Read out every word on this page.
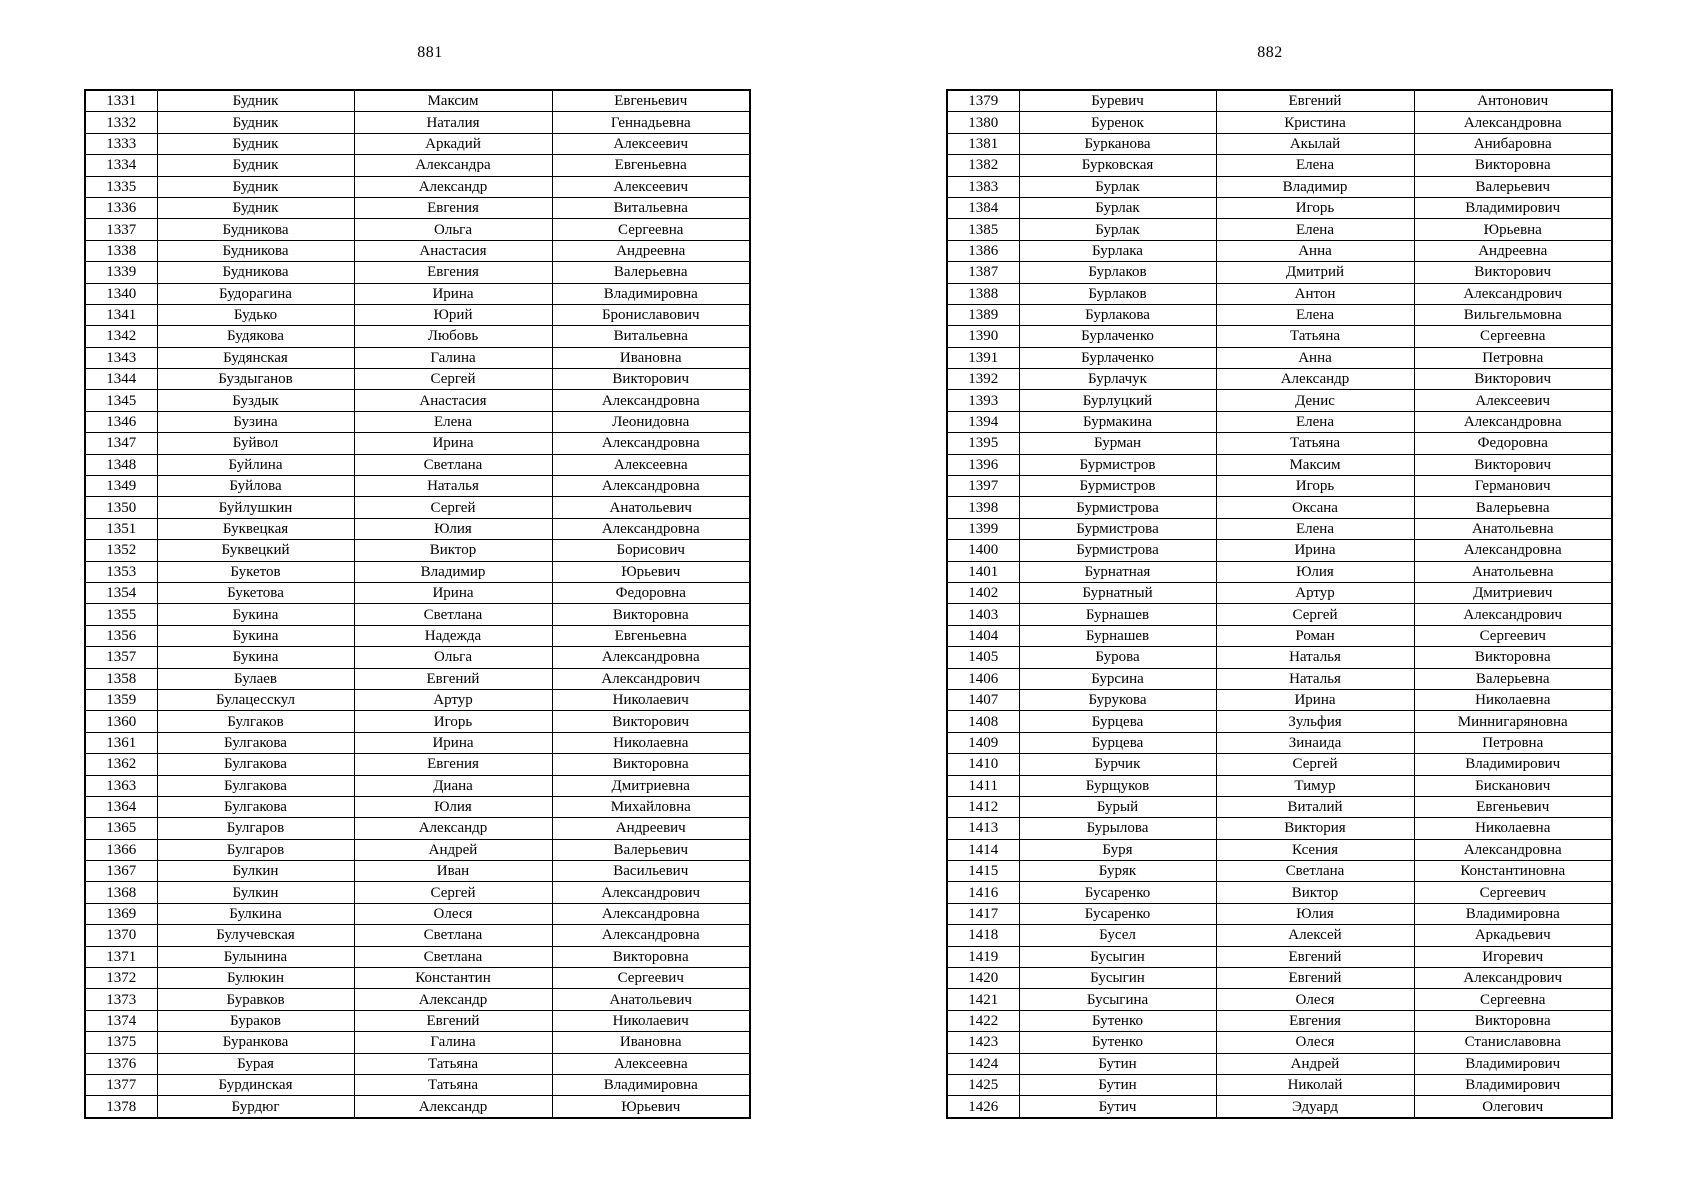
881
1331	Будник	Максим	Евгеньевич
1332	Будник	Наталия	Геннадьевна
1333	Будник	Аркадий	Алексеевич
1334	Будник	Александра	Евгеньевна
1335	Будник	Александр	Алексеевич
1336	Будник	Евгения	Витальевна
1337	Будникова	Ольга	Сергеевна
1338	Будникова	Анастасия	Андреевна
1339	Будникова	Евгения	Валерьевна
1340	Будорагина	Ирина	Владимировна
1341	Будько	Юрий	Брониславович
1342	Будякова	Любовь	Витальевна
1343	Будянская	Галина	Ивановна
1344	Буздыганов	Сергей	Викторович
1345	Буздык	Анастасия	Александровна
1346	Бузина	Елена	Леонидовна
1347	Буйвол	Ирина	Александровна
1348	Буйлина	Светлана	Алексеевна
1349	Буйлова	Наталья	Александровна
1350	Буйлушкин	Сергей	Анатольевич
1351	Буквецкая	Юлия	Александровна
1352	Буквецкий	Виктор	Борисович
1353	Букетов	Владимир	Юрьевич
1354	Букетова	Ирина	Федоровна
1355	Букина	Светлана	Викторовна
1356	Букина	Надежда	Евгеньевна
1357	Букина	Ольга	Александровна
1358	Булаев	Евгений	Александрович
1359	Булацесскул	Артур	Николаевич
1360	Булгаков	Игорь	Викторович
1361	Булгакова	Ирина	Николаевна
1362	Булгакова	Евгения	Викторовна
1363	Булгакова	Диана	Дмитриевна
1364	Булгакова	Юлия	Михайловна
1365	Булгаров	Александр	Андреевич
1366	Булгаров	Андрей	Валерьевич
1367	Булкин	Иван	Васильевич
1368	Булкин	Сергей	Александрович
1369	Булкина	Олеся	Александровна
1370	Булучевская	Светлана	Александровна
1371	Булынина	Светлана	Викторовна
1372	Булюкин	Константин	Сергеевич
1373	Буравков	Александр	Анатольевич
1374	Бураков	Евгений	Николаевич
1375	Буранкова	Галина	Ивановна
1376	Бурая	Татьяна	Алексеевна
1377	Бурдинская	Татьяна	Владимировна
1378	Бурдюг	Александр	Юрьевич
882
1379	Буревич	Евгений	Антонович
1380	Буренок	Кристина	Александровна
1381	Бурканова	Акылай	Анибаровна
1382	Бурковская	Елена	Викторовна
1383	Бурлак	Владимир	Валерьевич
1384	Бурлак	Игорь	Владимирович
1385	Бурлак	Елена	Юрьевна
1386	Бурлака	Анна	Андреевна
1387	Бурлаков	Дмитрий	Викторович
1388	Бурлаков	Антон	Александрович
1389	Бурлакова	Елена	Вильгельмовна
1390	Бурлаченко	Татьяна	Сергеевна
1391	Бурлаченко	Анна	Петровна
1392	Бурлачук	Александр	Викторович
1393	Бурлуцкий	Денис	Алексеевич
1394	Бурмакина	Елена	Александровна
1395	Бурман	Татьяна	Федоровна
1396	Бурмистров	Максим	Викторович
1397	Бурмистров	Игорь	Германович
1398	Бурмистрова	Оксана	Валерьевна
1399	Бурмистрова	Елена	Анатольевна
1400	Бурмистрова	Ирина	Александровна
1401	Бурнатная	Юлия	Анатольевна
1402	Бурнатный	Артур	Дмитриевич
1403	Бурнашев	Сергей	Александрович
1404	Бурнашев	Роман	Сергеевич
1405	Бурова	Наталья	Викторовна
1406	Бурсина	Наталья	Валерьевна
1407	Бурукова	Ирина	Николаевна
1408	Бурцева	Зульфия	Миннигаряновна
1409	Бурцева	Зинаида	Петровна
1410	Бурчик	Сергей	Владимирович
1411	Бурщуков	Тимур	Бисканович
1412	Бурый	Виталий	Евгеньевич
1413	Бурылова	Виктория	Николаевна
1414	Буря	Ксения	Александровна
1415	Буряк	Светлана	Константиновна
1416	Бусаренко	Виктор	Сергеевич
1417	Бусаренко	Юлия	Владимировна
1418	Бусел	Алексей	Аркадьевич
1419	Бусыгин	Евгений	Игоревич
1420	Бусыгин	Евгений	Александрович
1421	Бусыгина	Олеся	Сергеевна
1422	Бутенко	Евгения	Викторовна
1423	Бутенко	Олеся	Станиславовна
1424	Бутин	Андрей	Владимирович
1425	Бутин	Николай	Владимирович
1426	Бутич	Эдуард	Олегович
